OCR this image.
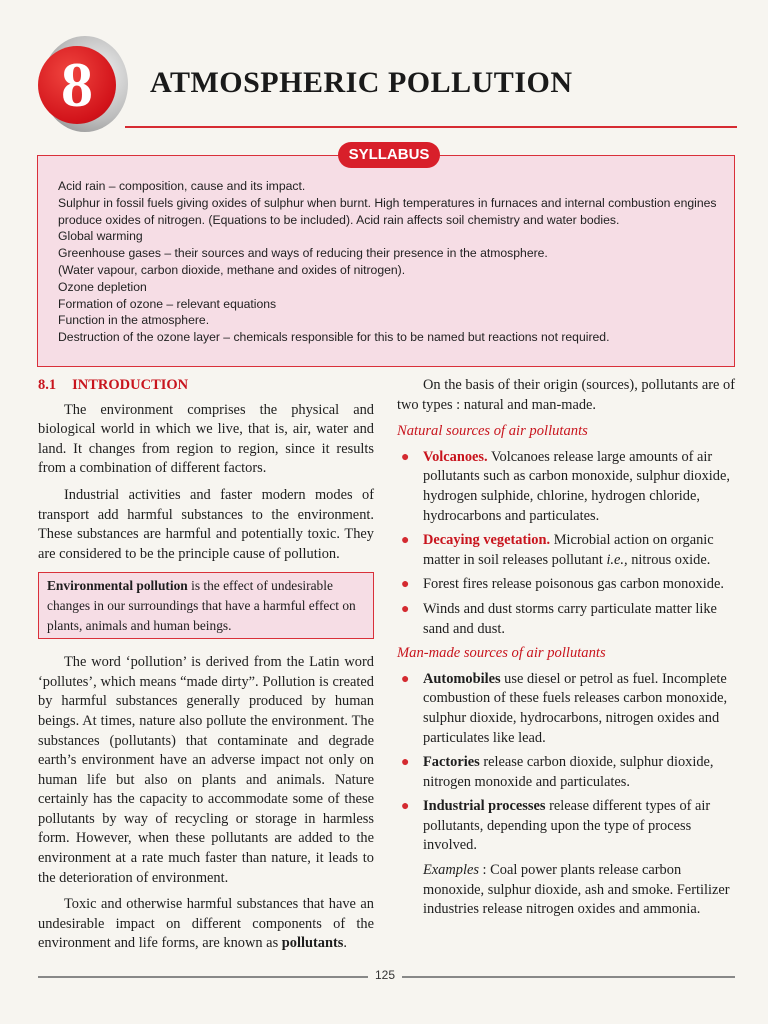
8	ATMOSPHERIC POLLUTION
SYLLABUS

Acid rain – composition, cause and its impact.

Sulphur in fossil fuels giving oxides of sulphur when burnt. High temperatures in furnaces and internal combustion engines produce oxides of nitrogen. (Equations to be included). Acid rain affects soil chemistry and water bodies.

Global warming

Greenhouse gases – their sources and ways of reducing their presence in the atmosphere.

(Water vapour, carbon dioxide, methane and oxides of nitrogen).

Ozone depletion

Formation of ozone – relevant equations

Function in the atmosphere.

Destruction of the ozone layer – chemicals responsible for this to be named but reactions not required.

8.1 INTRODUCTION

The environment comprises the physical and biological world in which we live, that is, air, water and land. It changes from region to region, since it results from a combination of different factors.

Industrial activities and faster modern modes of transport add harmful substances to the environment. These substances are harmful and potentially toxic. They are considered to be the principle cause of pollution.

Environmental pollution is the effect of undesirable changes in our surroundings that have a harmful effect on plants, animals and human beings.

The word ‘pollution’ is derived from the Latin word ‘pollutes’, which means “made dirty”. Pollution is created by harmful substances generally produced by human beings. At times, nature also pollute the environment. The substances (pollutants) that contaminate and degrade earth’s environment have an adverse impact not only on human life but also on plants and animals. Nature certainly has the capacity to accommodate some of these pollutants by way of recycling or storage in harmless form. However, when these pollutants are added to the environment at a rate much faster than nature, it leads to the deterioration of environment.

Toxic and otherwise harmful substances that have an undesirable impact on different components of the environment and life forms, are known as pollutants.

On the basis of their origin (sources), pollutants are of two types : natural and man-made.

Natural sources of air pollutants
● Volcanoes. Volcanoes release large amounts of air pollutants such as carbon monoxide, sulphur dioxide, hydrogen sulphide, chlorine, hydrogen chloride, hydrocarbons and particulates.
● Decaying vegetation. Microbial action on organic matter in soil releases pollutant i.e., nitrous oxide.
● Forest fires release poisonous gas carbon monoxide.
● Winds and dust storms carry particulate matter like sand and dust.
Man-made sources of air pollutants
● Automobiles use diesel or petrol as fuel. Incomplete combustion of these fuels releases carbon monoxide, sulphur dioxide, hydrocarbons, nitrogen oxides and particulates like lead.
● Factories release carbon dioxide, sulphur dioxide, nitrogen monoxide and particulates.
● Industrial processes release different types of air pollutants, depending upon the type of process involved.

Examples : Coal power plants release carbon monoxide, sulphur dioxide, ash and smoke. Fertilizer industries release nitrogen oxides and ammonia.

125
